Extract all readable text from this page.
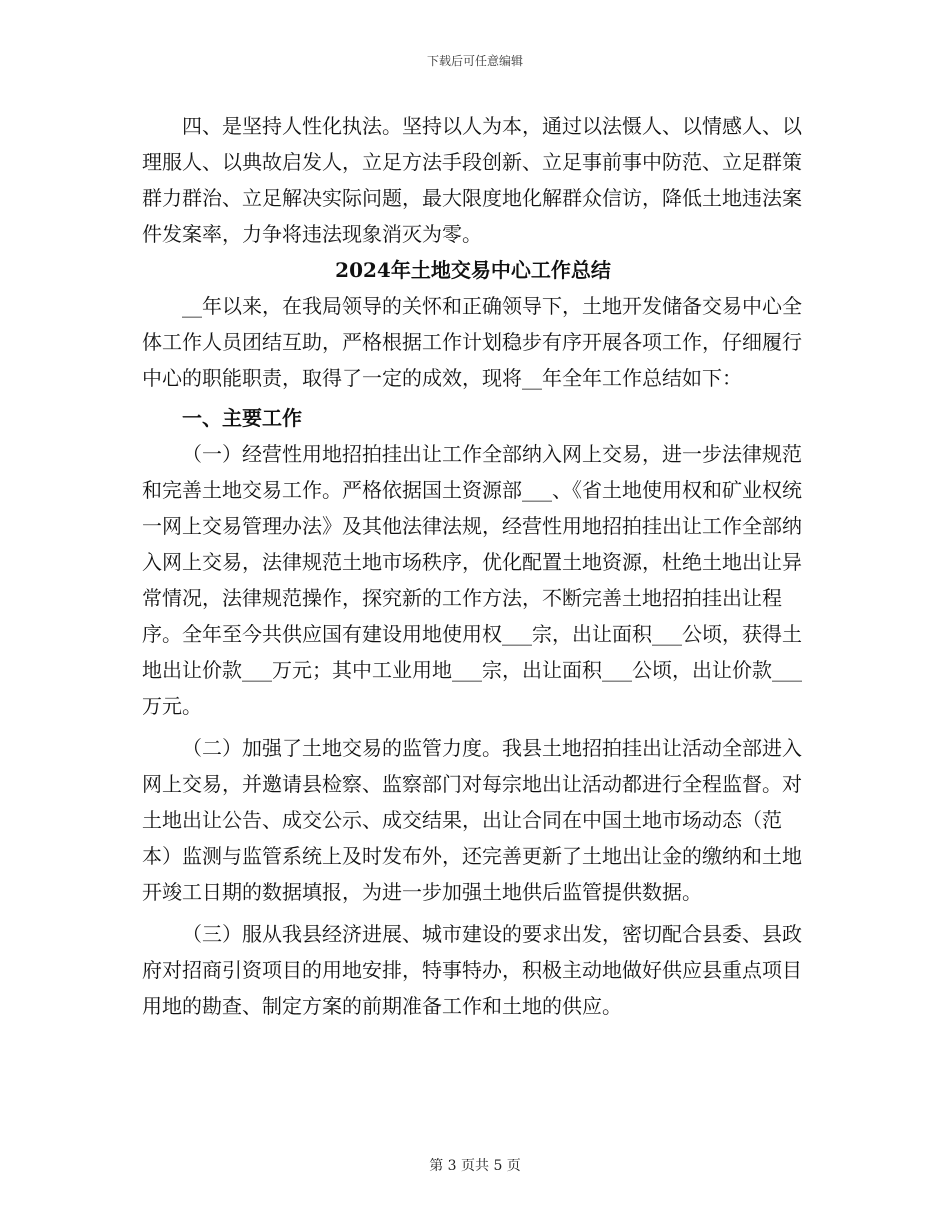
下载后可任意编辑

四、是坚持人性化执法。坚持以人为本，通过以法慑人、以情感人、以理服人、以典故启发人，立足方法手段创新、立足事前事中防范、立足群策群力群治、立足解决实际问题，最大限度地化解群众信访，降低土地违法案件发案率，力争将违法现象消灭为零。

2024年土地交易中心工作总结

__年以来，在我局领导的关怀和正确领导下，土地开发储备交易中心全体工作人员团结互助，严格根据工作计划稳步有序开展各项工作，仔细履行中心的职能职责，取得了一定的成效，现将__年全年工作总结如下：

一、主要工作

（一）经营性用地招拍挂出让工作全部纳入网上交易，进一步法律规范和完善土地交易工作。严格依据国土资源部___、《省土地使用权和矿业权统一网上交易管理办法》及其他法律法规，经营性用地招拍挂出让工作全部纳入网上交易，法律规范土地市场秩序，优化配置土地资源，杜绝土地出让异常情况，法律规范操作，探究新的工作方法，不断完善土地招拍挂出让程序。全年至今共供应国有建设用地使用权___宗，出让面积___公顷，获得土地出让价款___万元；其中工业用地___宗，出让面积___公顷，出让价款___万元。

（二）加强了土地交易的监管力度。我县土地招拍挂出让活动全部进入网上交易，并邀请县检察、监察部门对每宗地出让活动都进行全程监督。对土地出让公告、成交公示、成交结果，出让合同在中国土地市场动态（范本）监测与监管系统上及时发布外，还完善更新了土地出让金的缴纳和土地开竣工日期的数据填报，为进一步加强土地供后监管提供数据。

（三）服从我县经济进展、城市建设的要求出发，密切配合县委、县政府对招商引资项目的用地安排，特事特办，积极主动地做好供应县重点项目用地的勘查、制定方案的前期准备工作和土地的供应。

第 3 页共 5 页
